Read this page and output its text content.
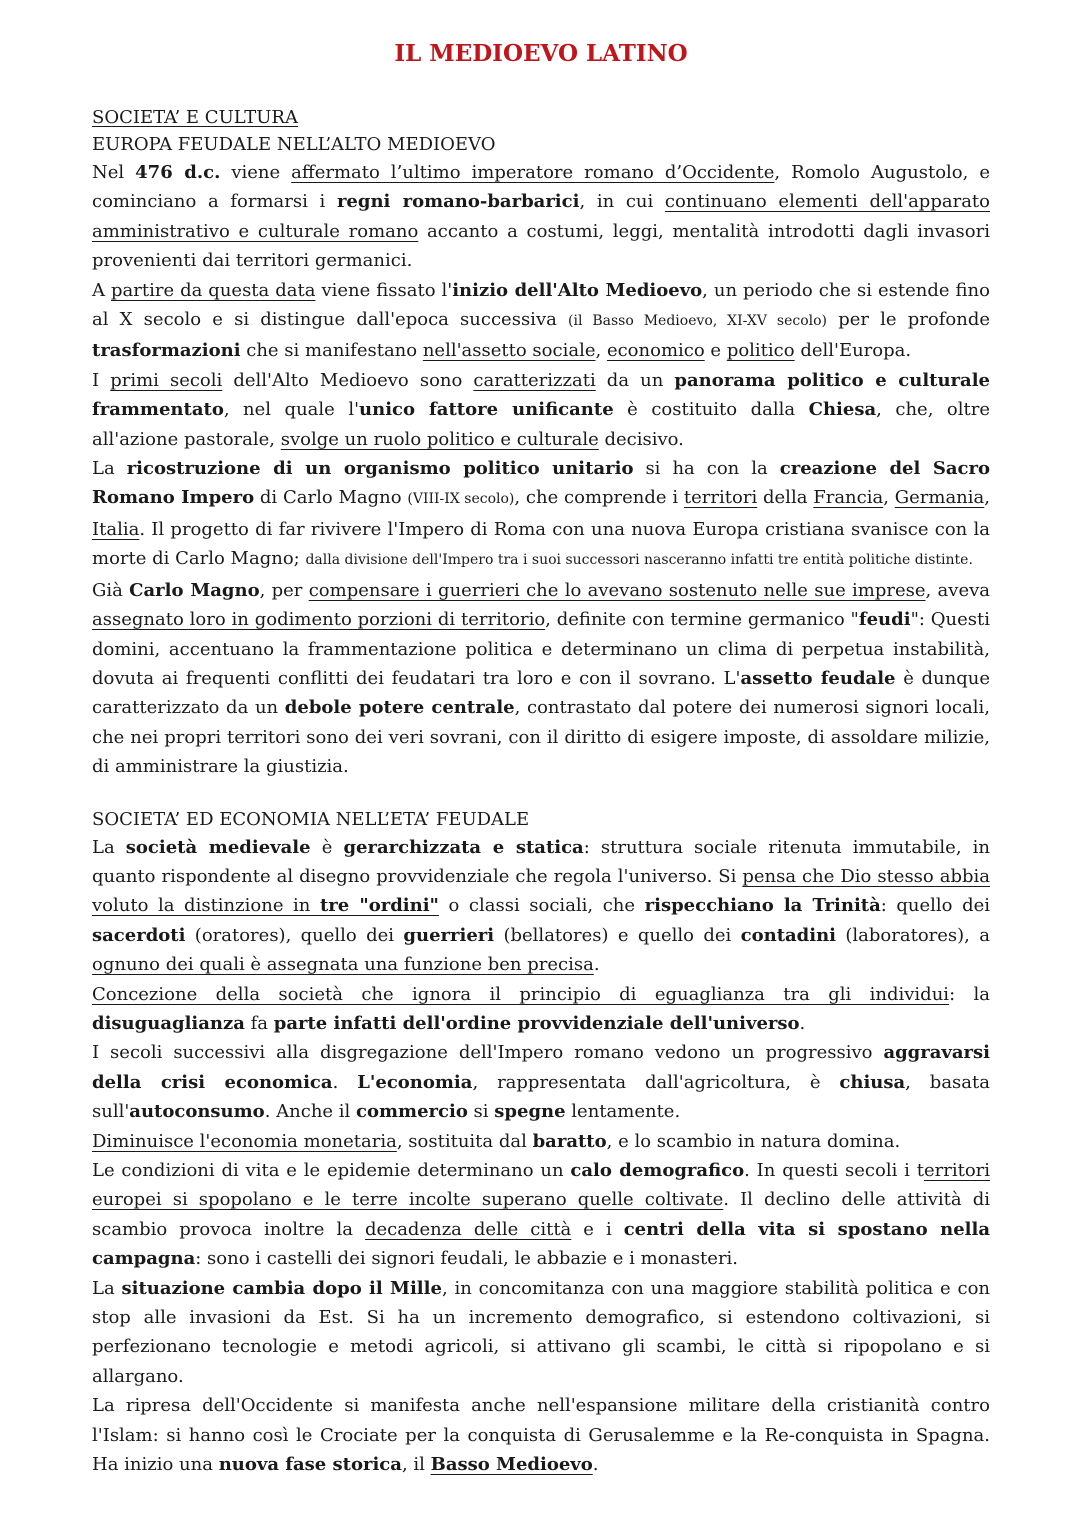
IL MEDIOEVO LATINO
SOCIETA’ E CULTURA
EUROPA FEUDALE NELL’ALTO MEDIOEVO

Nel 476 d.c. viene affermato l’ultimo imperatore romano d’Occidente, Romolo Augustolo, e cominciano a formarsi i regni romano-barbarici, in cui continuano elementi dell'apparato amministrativo e culturale romano accanto a costumi, leggi, mentalità introdotti dagli invasori provenienti dai territori germanici.

A partire da questa data viene fissato l'inizio dell'Alto Medioevo, un periodo che si estende fino al X secolo e si distingue dall'epoca successiva (il Basso Medioevo, XI-XV secolo) per le profonde trasformazioni che si manifestano nell'assetto sociale, economico e politico dell'Europa.

I primi secoli dell'Alto Medioevo sono caratterizzati da un panorama politico e culturale frammentato, nel quale l'unico fattore unificante è costituito dalla Chiesa, che, oltre all'azione pastorale, svolge un ruolo politico e culturale decisivo.

La ricostruzione di un organismo politico unitario si ha con la creazione del Sacro Romano Impero di Carlo Magno (VIII-IX secolo), che comprende i territori della Francia, Germania, Italia. Il progetto di far rivivere l'Impero di Roma con una nuova Europa cristiana svanisce con la morte di Carlo Magno; dalla divisione dell'Impero tra i suoi successori nasceranno infatti tre entità politiche distinte.

Già Carlo Magno, per compensare i guerrieri che lo avevano sostenuto nelle sue imprese, aveva assegnato loro in godimento porzioni di territorio, definite con termine germanico "feudi": Questi domini, accentuano la frammentazione politica e determinano un clima di perpetua instabilità, dovuta ai frequenti conflitti dei feudatari tra loro e con il sovrano. L'assetto feudale è dunque caratterizzato da un debole potere centrale, contrastato dal potere dei numerosi signori locali, che nei propri territori sono dei veri sovrani, con il diritto di esigere imposte, di assoldare milizie, di amministrare la giustizia.

SOCIETA’ ED ECONOMIA NELL’ETA’ FEUDALE

La società medievale è gerarchizzata e statica: struttura sociale ritenuta immutabile, in quanto rispondente al disegno provvidenziale che regola l'universo. Si pensa che Dio stesso abbia voluto la distinzione in tre "ordini" o classi sociali, che rispecchiano la Trinità: quello dei sacerdoti (oratores), quello dei guerrieri (bellatores) e quello dei contadini (laboratores), a ognuno dei quali è assegnata una funzione ben precisa.

Concezione della società che ignora il principio di eguaglianza tra gli individui: la disuguaglianza fa parte infatti dell'ordine provvidenziale dell'universo.

I secoli successivi alla disgregazione dell'Impero romano vedono un progressivo aggravarsi della crisi economica. L'economia, rappresentata dall'agricoltura, è chiusa, basata sull'autoconsumo. Anche il commercio si spegne lentamente.

Diminuisce l'economia monetaria, sostituita dal baratto, e lo scambio in natura domina.

Le condizioni di vita e le epidemie determinano un calo demografico. In questi secoli i territori europei si spopolano e le terre incolte superano quelle coltivate. Il declino delle attività di scambio provoca inoltre la decadenza delle città e i centri della vita si spostano nella campagna: sono i castelli dei signori feudali, le abbazie e i monasteri.

La situazione cambia dopo il Mille, in concomitanza con una maggiore stabilità politica e con stop alle invasioni da Est. Si ha un incremento demografico, si estendono coltivazioni, si perfezionano tecnologie e metodi agricoli, si attivano gli scambi, le città si ripopolano e si allargano.

La ripresa dell'Occidente si manifesta anche nell'espansione militare della cristianità contro l'Islam: si hanno così le Crociate per la conquista di Gerusalemme e la Re-conquista in Spagna. Ha inizio una nuova fase storica, il Basso Medioevo.
